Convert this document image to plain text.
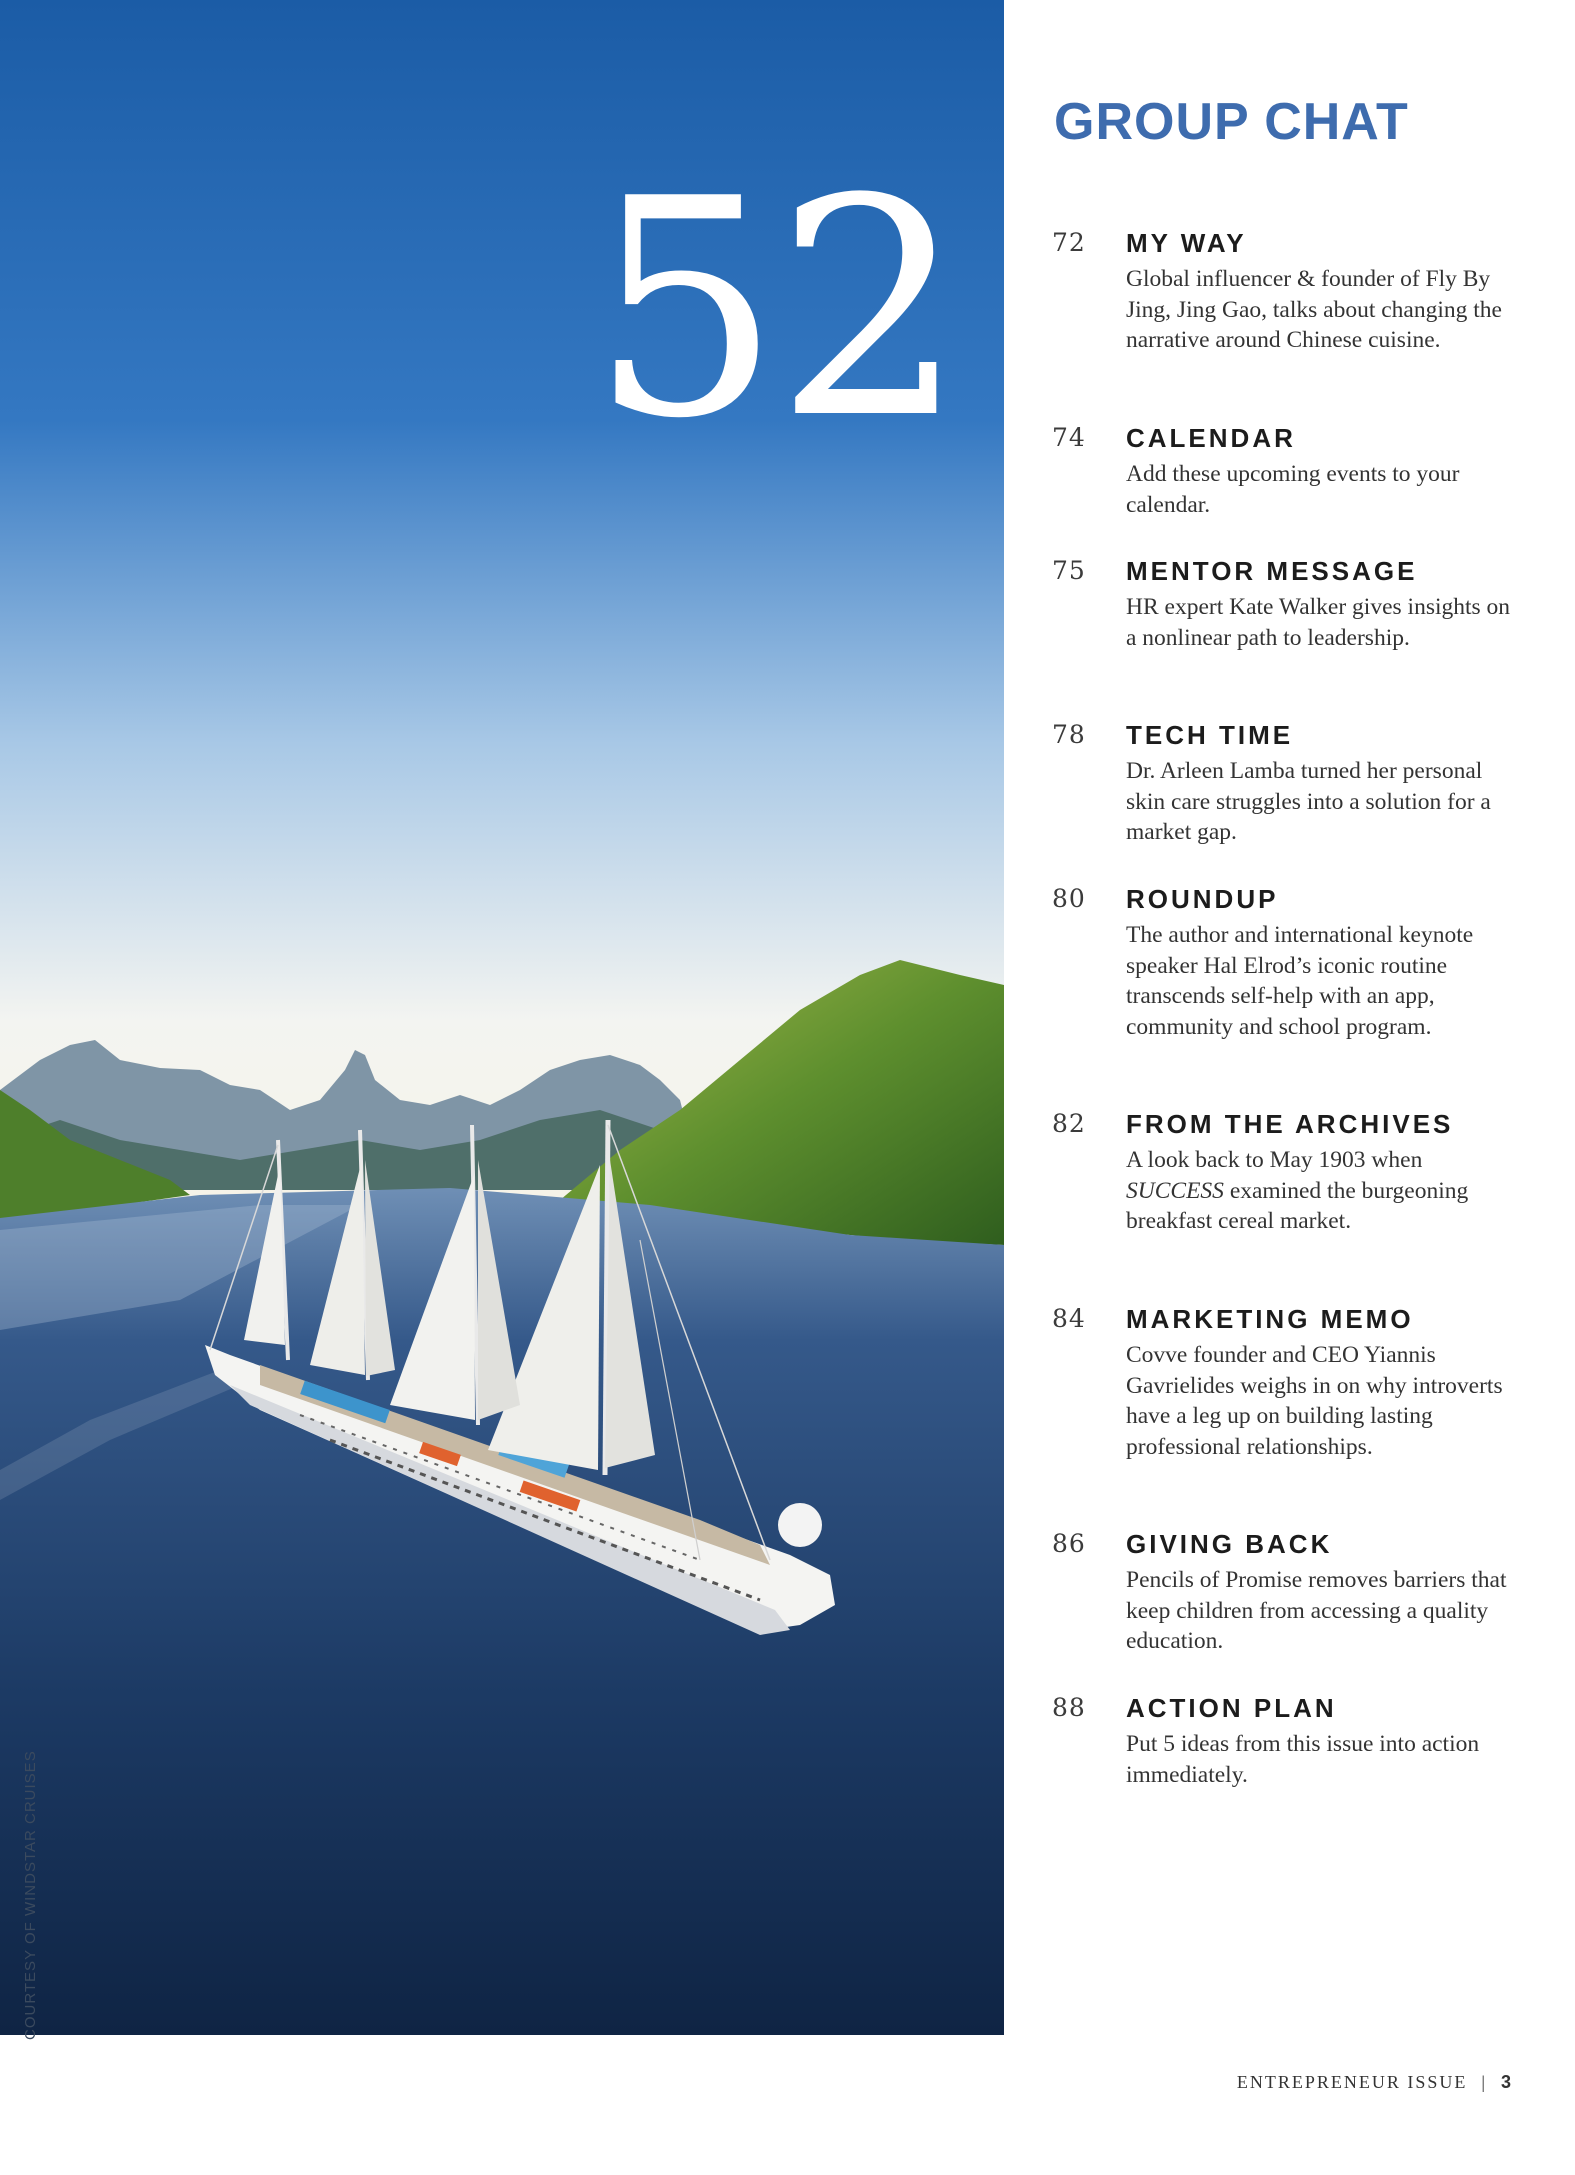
52
COURTESY OF WINDSTAR CRUISES
GROUP CHAT
72 MY WAY

Global influencer & founder of Fly By Jing, Jing Gao, talks about changing the narrative around Chinese cuisine.

74 CALENDAR

Add these upcoming events to your calendar.

75 MENTOR MESSAGE

HR expert Kate Walker gives insights on a nonlinear path to leadership.

78 TECH TIME

Dr. Arleen Lamba turned her personal skin care struggles into a solution for a market gap.

80 ROUNDUP

The author and international keynote speaker Hal Elrod’s iconic routine transcends self-help with an app, community and school program.

82 FROM THE ARCHIVES

A look back to May 1903 when SUCCESS examined the burgeoning breakfast cereal market.

84 MARKETING MEMO

Covve founder and CEO Yiannis Gavrielides weighs in on why introverts have a leg up on building lasting professional relationships.

86 GIVING BACK

Pencils of Promise removes barriers that keep children from accessing a quality education.

88 ACTION PLAN

Put 5 ideas from this issue into action immediately.

ENTREPRENEUR ISSUE | 3
